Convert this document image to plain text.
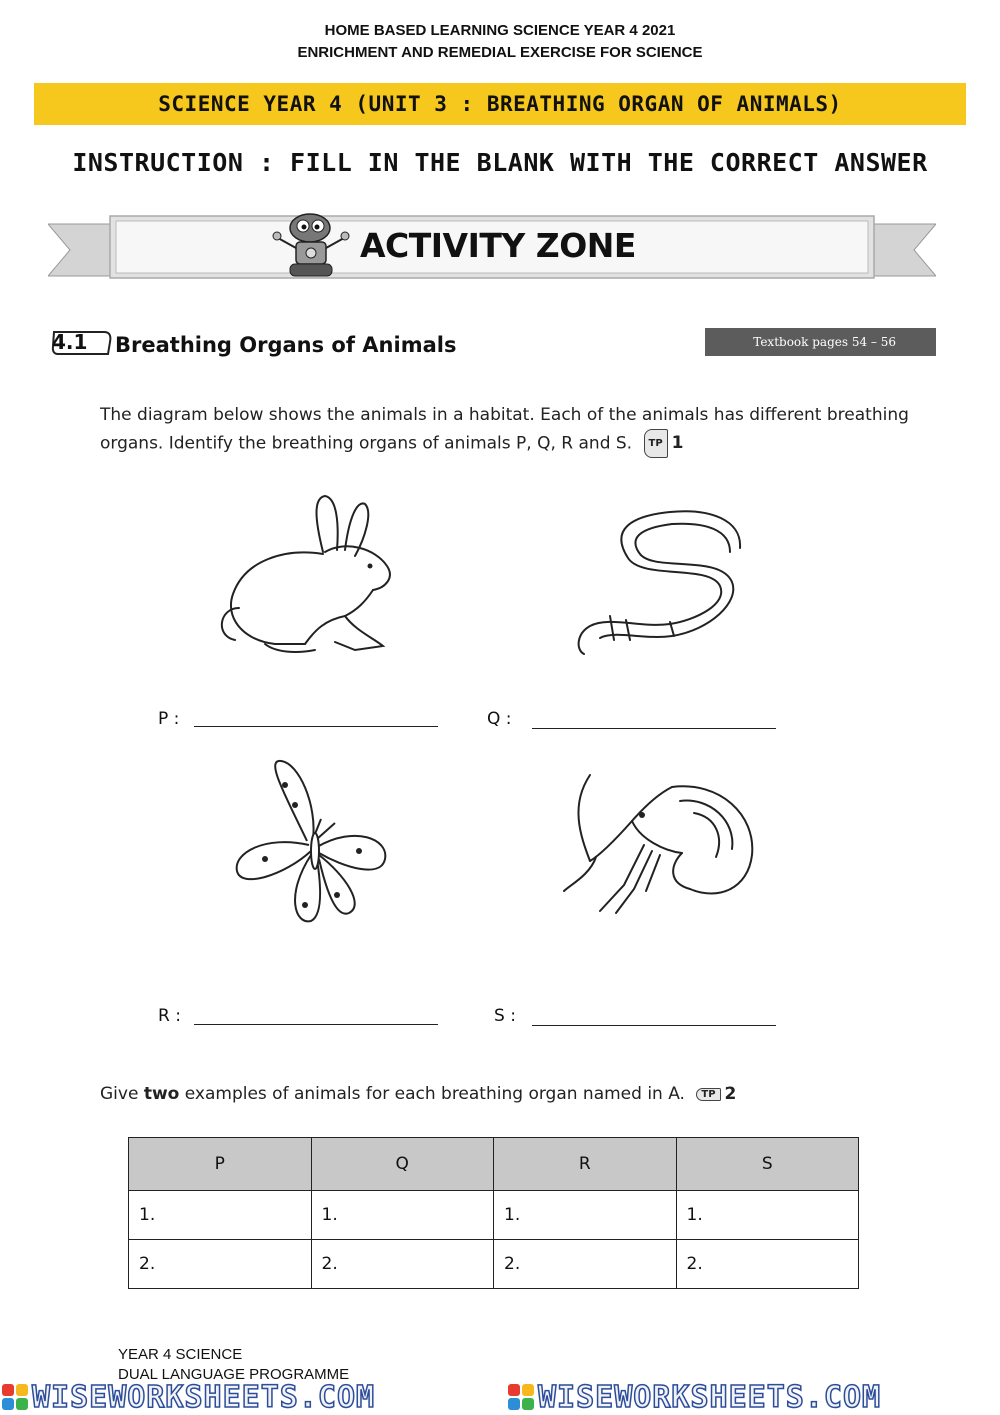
HOME BASED LEARNING SCIENCE YEAR 4 2021
ENRICHMENT AND REMEDIAL EXERCISE FOR SCIENCE
SCIENCE YEAR 4 (UNIT 3 : BREATHING ORGAN OF ANIMALS)
INSTRUCTION : FILL IN THE BLANK WITH THE CORRECT ANSWER
ACTIVITY ZONE
4.1 Breathing Organs of Animals	Textbook pages 54 – 56
The diagram below shows the animals in a habitat. Each of the animals has different breathing organs. Identify the breathing organs of animals P, Q, R and S. TP 1
P :	Q :
R :	S :
Give two examples of animals for each breathing organ named in A. TP 2
P	Q	R	S
1.	1.	1.	1.
2.	2.	2.	2.
YEAR 4 SCIENCE
DUAL LANGUAGE PROGRAMME
WISEWORKSHEETS.COM	WISEWORKSHEETS.COM
